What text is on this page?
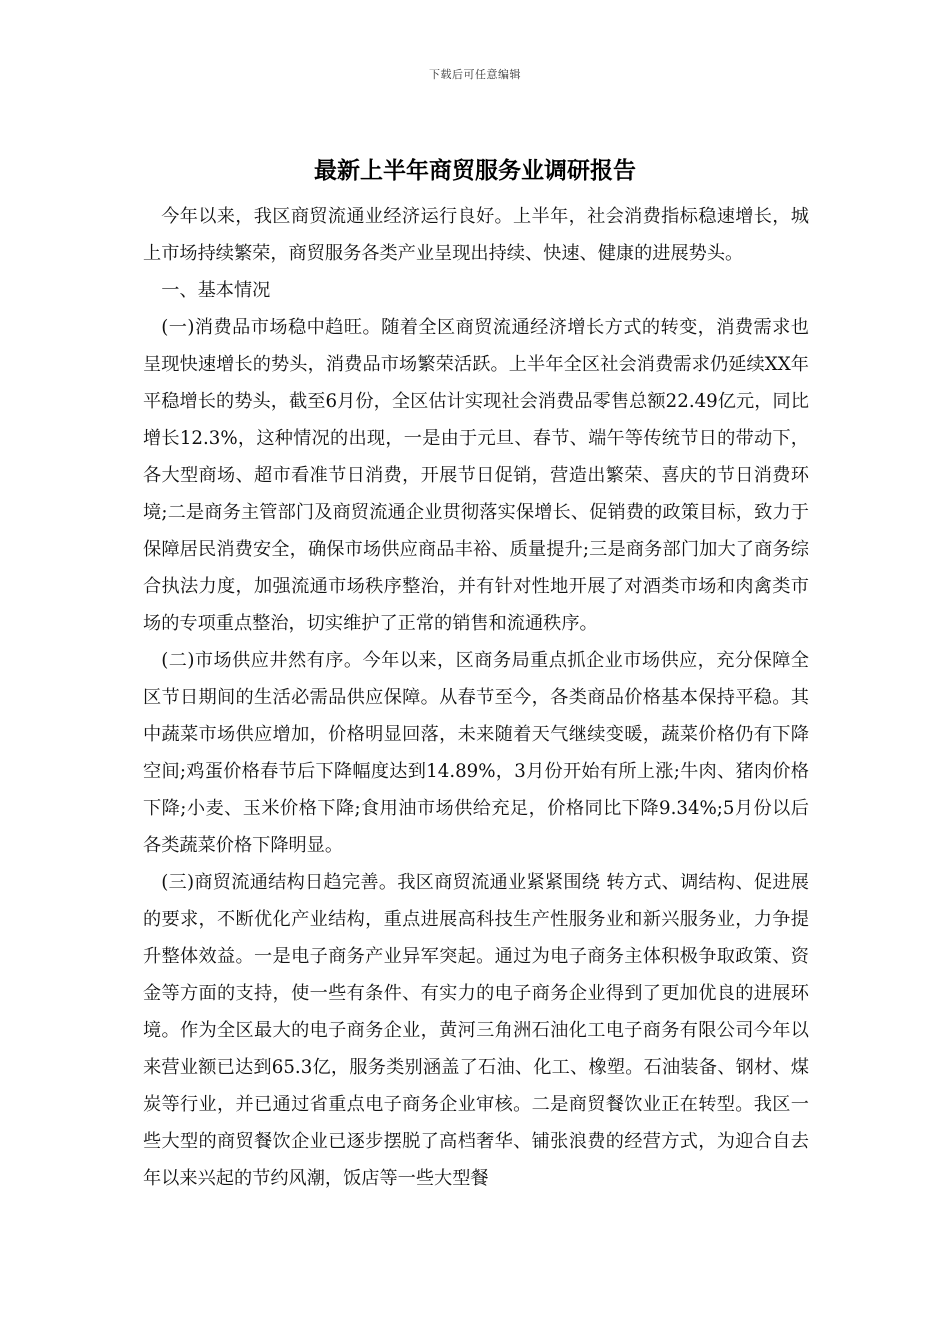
下载后可任意编辑
最新上半年商贸服务业调研报告

今年以来，我区商贸流通业经济运行良好。上半年，社会消费指标稳速增长，城上市场持续繁荣，商贸服务各类产业呈现出持续、快速、健康的进展势头。

一、基本情况

(一)消费品市场稳中趋旺。随着全区商贸流通经济增长方式的转变，消费需求也呈现快速增长的势头，消费品市场繁荣活跃。上半年全区社会消费需求仍延续XX年平稳增长的势头，截至6月份，全区估计实现社会消费品零售总额22.49亿元，同比增长12.3%，这种情况的出现，一是由于元旦、春节、端午等传统节日的带动下，各大型商场、超市看准节日消费，开展节日促销，营造出繁荣、喜庆的节日消费环境;二是商务主管部门及商贸流通企业贯彻落实保增长、促销费的政策目标，致力于保障居民消费安全，确保市场供应商品丰裕、质量提升;三是商务部门加大了商务综合执法力度，加强流通市场秩序整治，并有针对性地开展了对酒类市场和肉禽类市场的专项重点整治，切实维护了正常的销售和流通秩序。

(二)市场供应井然有序。今年以来，区商务局重点抓企业市场供应，充分保障全区节日期间的生活必需品供应保障。从春节至今，各类商品价格基本保持平稳。其中蔬菜市场供应增加，价格明显回落，未来随着天气继续变暖，蔬菜价格仍有下降空间;鸡蛋价格春节后下降幅度达到14.89%，3月份开始有所上涨;牛肉、猪肉价格下降;小麦、玉米价格下降;食用油市场供给充足，价格同比下降9.34%;5月份以后各类蔬菜价格下降明显。

(三)商贸流通结构日趋完善。我区商贸流通业紧紧围绕 转方式、调结构、促进展 的要求，不断优化产业结构，重点进展高科技生产性服务业和新兴服务业，力争提升整体效益。一是电子商务产业异军突起。通过为电子商务主体积极争取政策、资金等方面的支持，使一些有条件、有实力的电子商务企业得到了更加优良的进展环境。作为全区最大的电子商务企业，黄河三角洲石油化工电子商务有限公司今年以来营业额已达到65.3亿，服务类别涵盖了石油、化工、橡塑。石油装备、钢材、煤炭等行业，并已通过省重点电子商务企业审核。二是商贸餐饮业正在转型。我区一些大型的商贸餐饮企业已逐步摆脱了高档奢华、铺张浪费的经营方式，为迎合自去年以来兴起的节约风潮，饭店等一些大型餐
